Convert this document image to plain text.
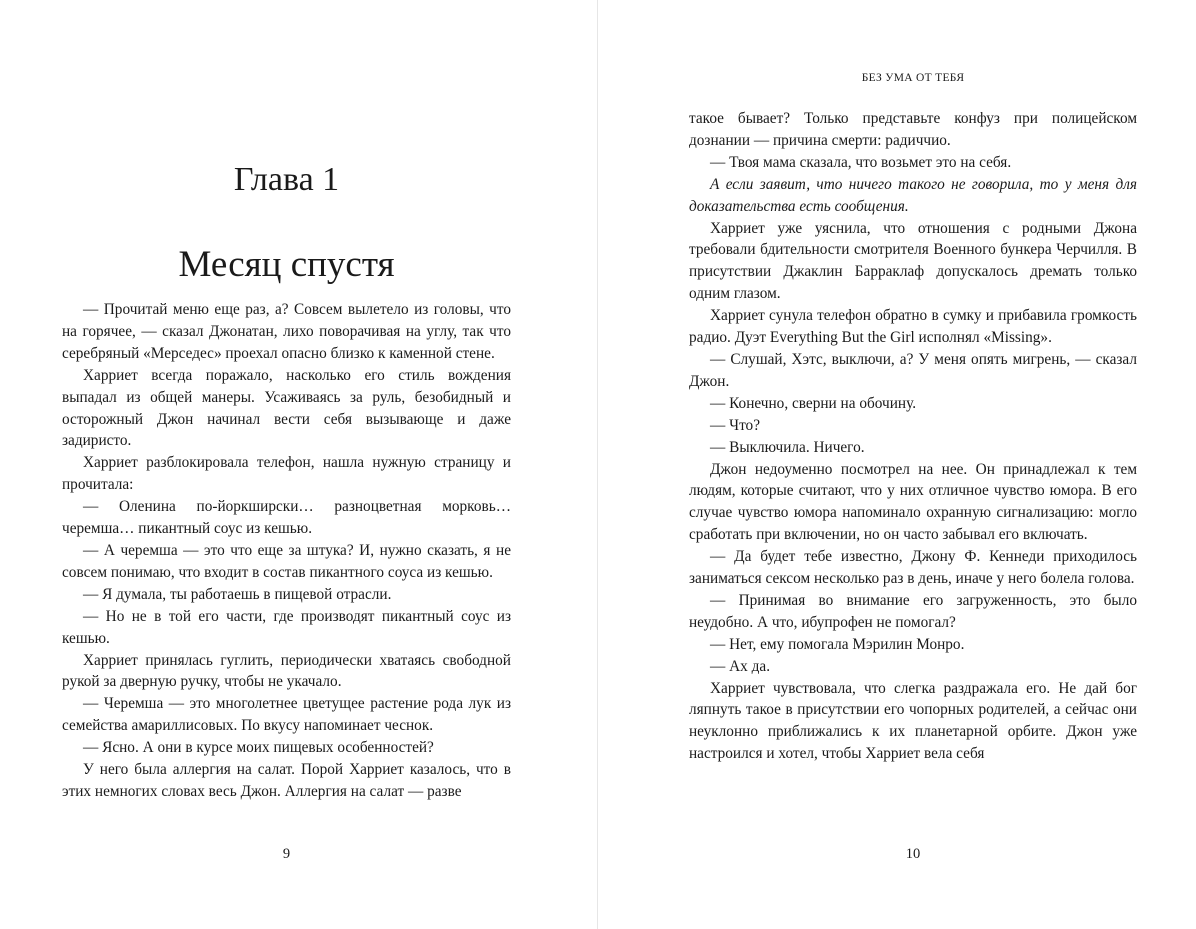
Глава 1
Месяц спустя

— Прочитай меню еще раз, а? Совсем вылетело из головы, что на горячее, — сказал Джонатан, лихо поворачивая на углу, так что серебряный «Мерседес» проехал опасно близко к каменной стене.

Харриет всегда поражало, насколько его стиль вождения выпадал из общей манеры. Усаживаясь за руль, безобидный и осторожный Джон начинал вести себя вызывающе и даже задиристо.

Харриет разблокировала телефон, нашла нужную страницу и прочитала:

— Оленина по-йоркширски… разноцветная морковь… черемша… пикантный соус из кешью.

— А черемша — это что еще за штука? И, нужно сказать, я не совсем понимаю, что входит в состав пикантного соуса из кешью.

— Я думала, ты работаешь в пищевой отрасли.

— Но не в той его части, где производят пикантный соус из кешью.

Харриет принялась гуглить, периодически хватаясь свободной рукой за дверную ручку, чтобы не укачало.

— Черемша — это многолетнее цветущее растение рода лук из семейства амариллисовых. По вкусу напоминает чеснок.

— Ясно. А они в курсе моих пищевых особенностей?

У него была аллергия на салат. Порой Харриет казалось, что в этих немногих словах весь Джон. Аллергия на салат — разве

9
БЕЗ УМА ОТ ТЕБЯ

такое бывает? Только представьте конфуз при полицейском дознании — причина смерти: радиччио.

— Твоя мама сказала, что возьмет это на себя.

А если заявит, что ничего такого не говорила, то у меня для доказательства есть сообщения.

Харриет уже уяснила, что отношения с родными Джона требовали бдительности смотрителя Военного бункера Черчилля. В присутствии Джаклин Барраклаф допускалось дремать только одним глазом.

Харриет сунула телефон обратно в сумку и прибавила громкость радио. Дуэт Everything But the Girl исполнял «Missing».

— Слушай, Хэтс, выключи, а? У меня опять мигрень, — сказал Джон.

— Конечно, сверни на обочину.

— Что?

— Выключила. Ничего.

Джон недоуменно посмотрел на нее. Он принадлежал к тем людям, которые считают, что у них отличное чувство юмора. В его случае чувство юмора напоминало охранную сигнализацию: могло сработать при включении, но он часто забывал его включать.

— Да будет тебе известно, Джону Ф. Кеннеди приходилось заниматься сексом несколько раз в день, иначе у него болела голова.

— Принимая во внимание его загруженность, это было неудобно. А что, ибупрофен не помогал?

— Нет, ему помогала Мэрилин Монро.

— Ах да.

Харриет чувствовала, что слегка раздражала его. Не дай бог ляпнуть такое в присутствии его чопорных родителей, а сейчас они неуклонно приближались к их планетарной орбите. Джон уже настроился и хотел, чтобы Харриет вела себя

10
